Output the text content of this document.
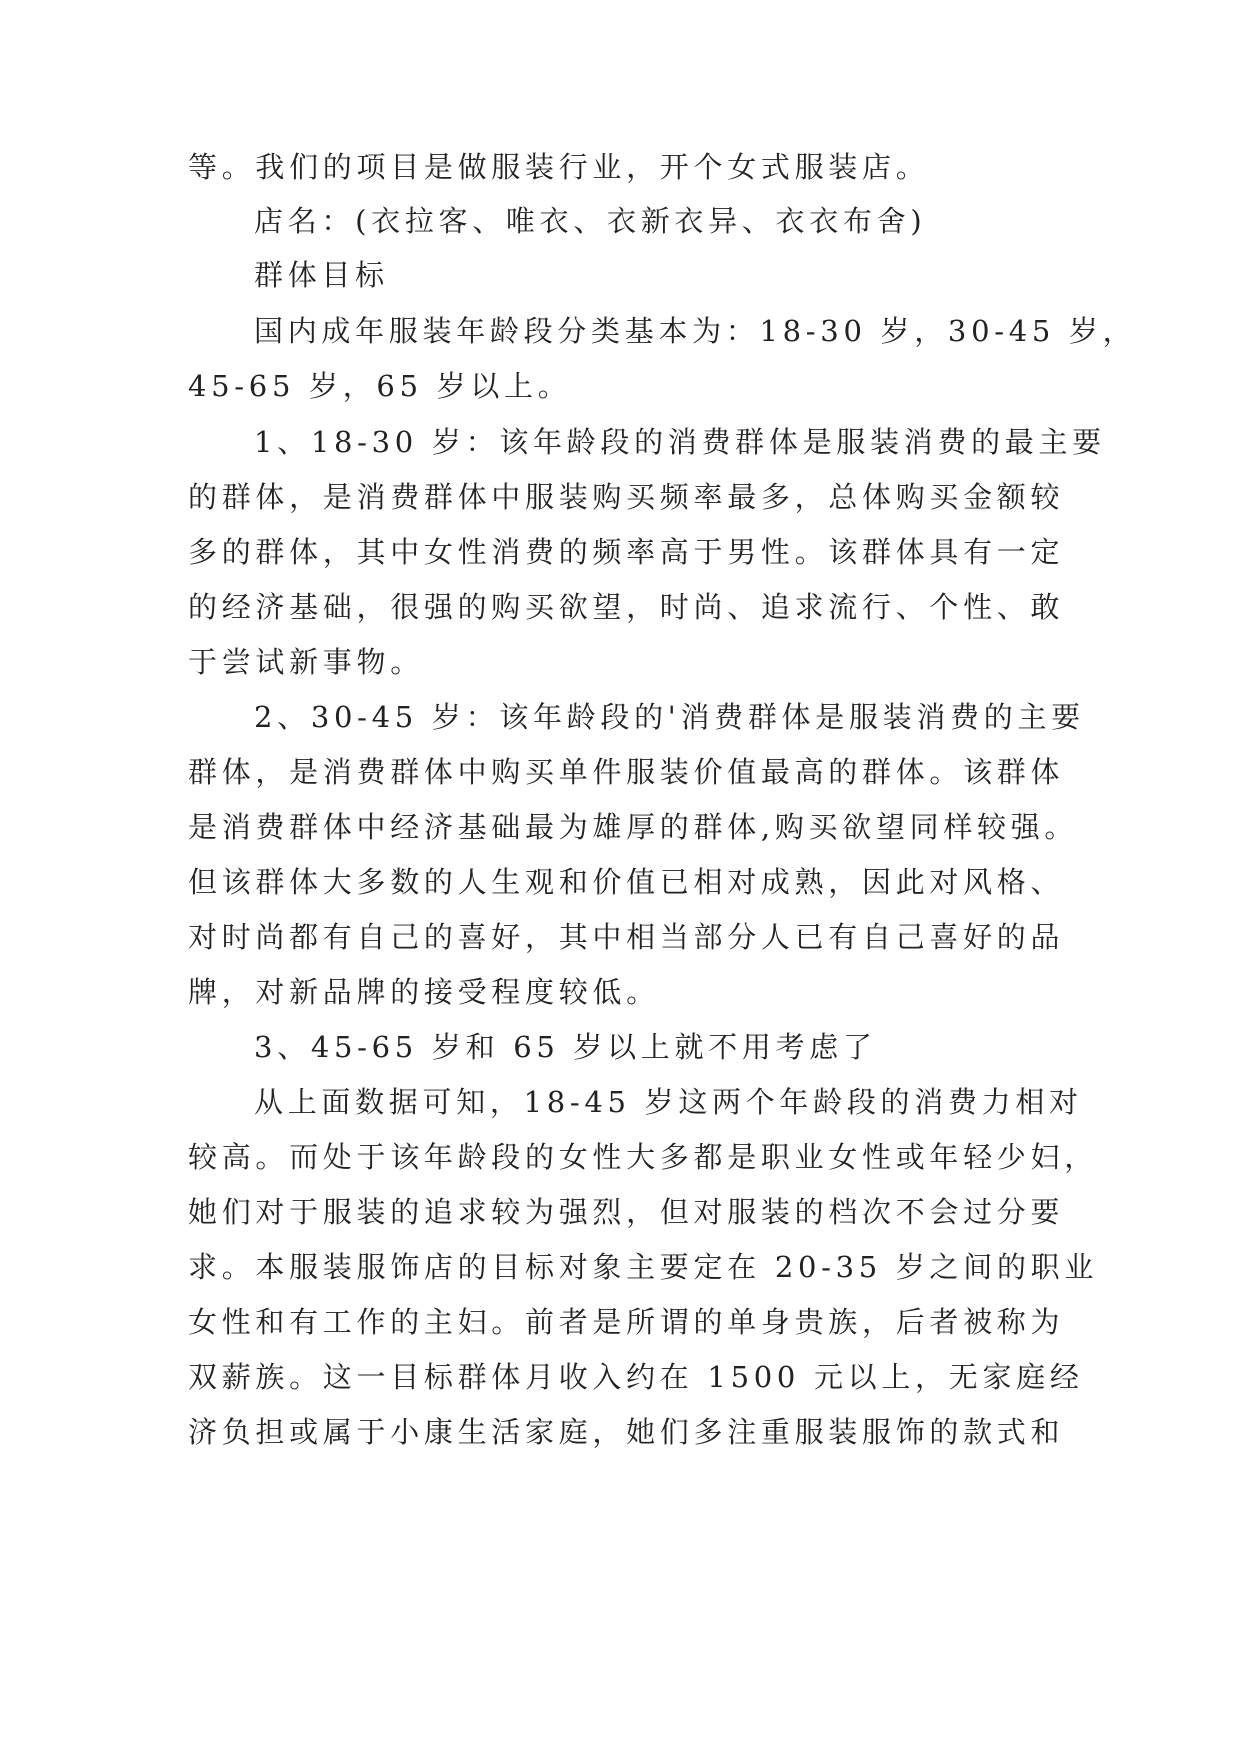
等。我们的项目是做服装行业，开个女式服装店。
店名：(衣拉客、唯衣、衣新衣异、衣衣布舍)
群体目标
国内成年服装年龄段分类基本为：18-30 岁，30-45 岁，
45-65 岁，65 岁以上。
1、18-30 岁：该年龄段的消费群体是服装消费的最主要
的群体，是消费群体中服装购买频率最多，总体购买金额较
多的群体，其中女性消费的频率高于男性。该群体具有一定
的经济基础，很强的购买欲望，时尚、追求流行、个性、敢
于尝试新事物。
2、30-45 岁：该年龄段的'消费群体是服装消费的主要
群体，是消费群体中购买单件服装价值最高的群体。该群体
是消费群体中经济基础最为雄厚的群体,购买欲望同样较强。
但该群体大多数的人生观和价值已相对成熟，因此对风格、
对时尚都有自己的喜好，其中相当部分人已有自己喜好的品
牌，对新品牌的接受程度较低。
3、45-65 岁和 65 岁以上就不用考虑了
从上面数据可知，18-45 岁这两个年龄段的消费力相对
较高。而处于该年龄段的女性大多都是职业女性或年轻少妇，
她们对于服装的追求较为强烈，但对服装的档次不会过分要
求。本服装服饰店的目标对象主要定在 20-35 岁之间的职业
女性和有工作的主妇。前者是所谓的单身贵族，后者被称为
双薪族。这一目标群体月收入约在 1500 元以上，无家庭经
济负担或属于小康生活家庭，她们多注重服装服饰的款式和
